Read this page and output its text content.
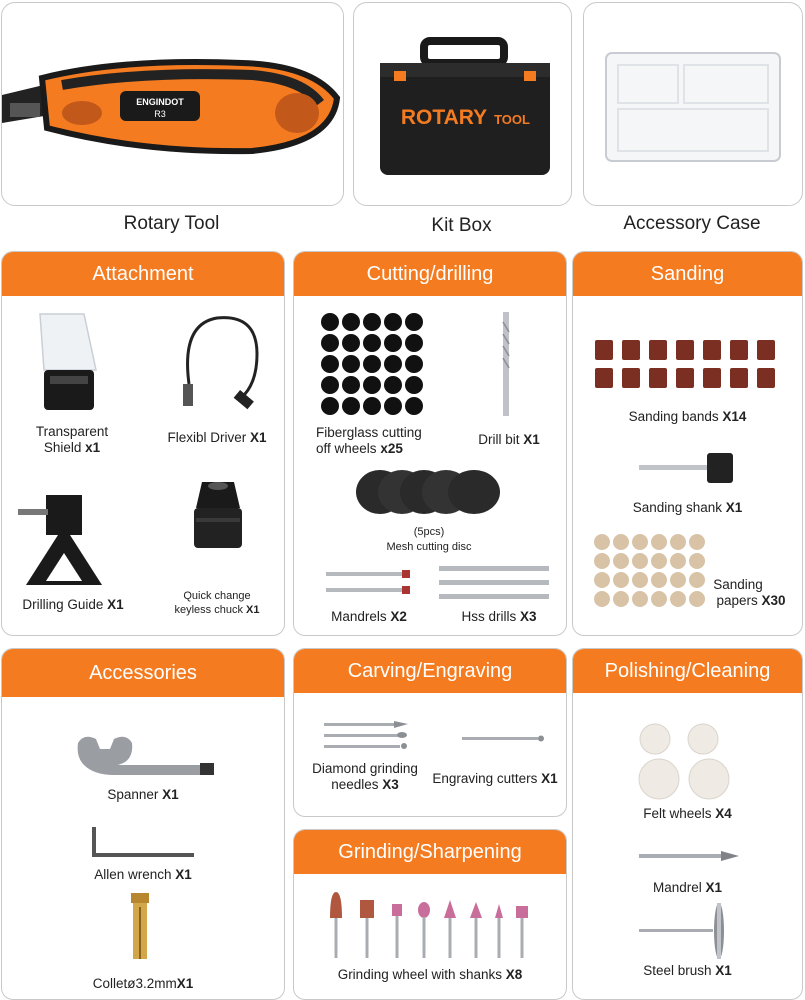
ENGINDOT
R3
Rotary Tool
ROTARY TOOL
Kit Box	Accessory Case
Attachment
Transparent
Shield x1
Flexibl Driver X1
Drilling Guide X1
Quick change
keyless chuck X1
Cutting/drilling
Fiberglass cutting
off wheels x25
Drill bit X1
(5pcs)
Mesh cutting disc
Mandrels X2	Hss drills X3
Sanding
Sanding bands X14
Sanding shank X1
Sanding
papers X30
Accessories
Spanner X1
Allen wrench X1
Colletø3.2mmX1
Carving/Engraving
Diamond grinding
needles X3	Engraving cutters X1
Grinding/Sharpening
Grinding wheel with shanks X8
Polishing/Cleaning
Felt wheels X4
Mandrel X1
Steel brush X1
